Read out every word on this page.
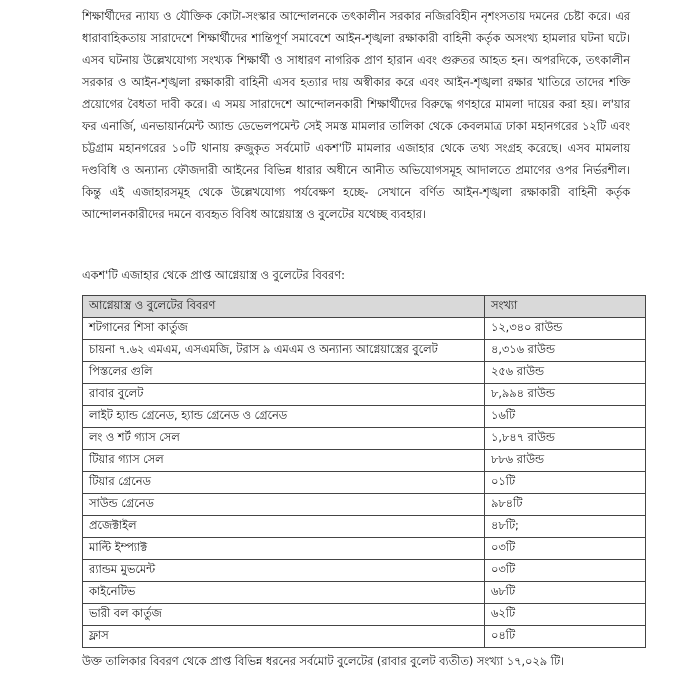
শিক্ষার্থীদের ন্যায্য ও যৌক্তিক কোটা-সংস্কার আন্দোলনকে তৎকালীন সরকার নজিরবিহীন নৃশংসতায় দমনের চেষ্টা করে। এর ধারাবাহিকতায় সারাদেশে শিক্ষার্থীদের শান্তিপূর্ণ সমাবেশে আইন-শৃঙ্খলা রক্ষাকারী বাহিনী কর্তৃক অসংখ্য হামলার ঘটনা ঘটে। এসব ঘটনায় উল্লেখযোগ্য সংখ্যক শিক্ষার্থী ও সাধারণ নাগরিক প্রাণ হারান এবং গুরুতর আহত হন। অপরদিকে, তৎকালীন সরকার ও আইন-শৃঙ্খলা রক্ষাকারী বাহিনী এসব হত্যার দায় অস্বীকার করে এবং আইন-শৃঙ্খলা রক্ষার খাতিরে তাদের শক্তি প্রয়োগের বৈধতা দাবী করে। এ সময় সারাদেশে আন্দোলনকারী শিক্ষার্থীদের বিরুদ্ধে গণহারে মামলা দায়ের করা হয়। ল'য়ার ফর এনার্জি, এনভায়ার্নমেন্ট অ্যান্ড ডেভেলপমেন্ট সেই সমস্ত মামলার তালিকা থেকে কেবলমাত্র ঢাকা মহানগরের ১২টি এবং চট্টগ্রাম মহানগরের ১০টি থানায় রুজুকৃত সর্বমোট একশ'টি মামলার এজাহার থেকে তথ্য সংগ্রহ করেছে। এসব মামলায় দণ্ডবিধি ও অন্যান্য ফৌজদারী আইনের বিভিন্ন ধারার অধীনে আনীত অভিযোগসমূহ আদালতে প্রমাণের ওপর নির্ভরশীল। কিন্তু এই এজাহারসমূহ থেকে উল্লেখযোগ্য পর্যবেক্ষণ হচ্ছে- সেখানে বর্ণিত আইন-শৃঙ্খলা রক্ষাকারী বাহিনী কর্তৃক আন্দোলনকারীদের দমনে ব্যবহৃত বিবিধ আগ্নেয়াস্ত্র ও বুলেটের যথেচ্ছ ব্যবহার।

একশ'টি এজাহার থেকে প্রাপ্ত আগ্নেয়াস্ত্র ও বুলেটের বিবরণ:

আগ্নেয়াস্ত্র ও বুলেটের বিবরণ	সংখ্যা
শটগানের শিসা কার্তুজ	১২,৩৪০ রাউন্ড
চায়না ৭.৬২ এমএম, এসএমজি, টরাস ৯ এমএম ও অন্যান্য আগ্নেয়াস্ত্রের বুলেট	৪,৩১৬ রাউন্ড
পিস্তলের গুলি	২৫৬ রাউন্ড
রাবার বুলেট	৮,৯৯৪ রাউন্ড
লাইট হ্যান্ড গ্রেনেড, হ্যান্ড গ্রেনেড ও গ্রেনেড	১৬টি
লং ও শর্ট গ্যাস সেল	১,৮৪৭ রাউন্ড
টিয়ার গ্যাস সেল	৮৮৬ রাউন্ড
টিয়ার গ্রেনেড	০১টি
সাউন্ড গ্রেনেড	৯৮৪টি
প্রজেক্টাইল	৪৮টি;
মাল্টি ইম্প্যাক্ট	০৩টি
র‍্যান্ডম মুভমেন্ট	০৩টি
কাইনেটিভ	৬৮টি
ভারী বল কার্তুজ	৬২টি
ফ্লাস	০৪টি

উক্ত তালিকার বিবরণ থেকে প্রাপ্ত বিভিন্ন ধরনের সর্বমোট বুলেটের (রাবার বুলেট ব্যতীত) সংখ্যা ১৭,০২৯ টি।
